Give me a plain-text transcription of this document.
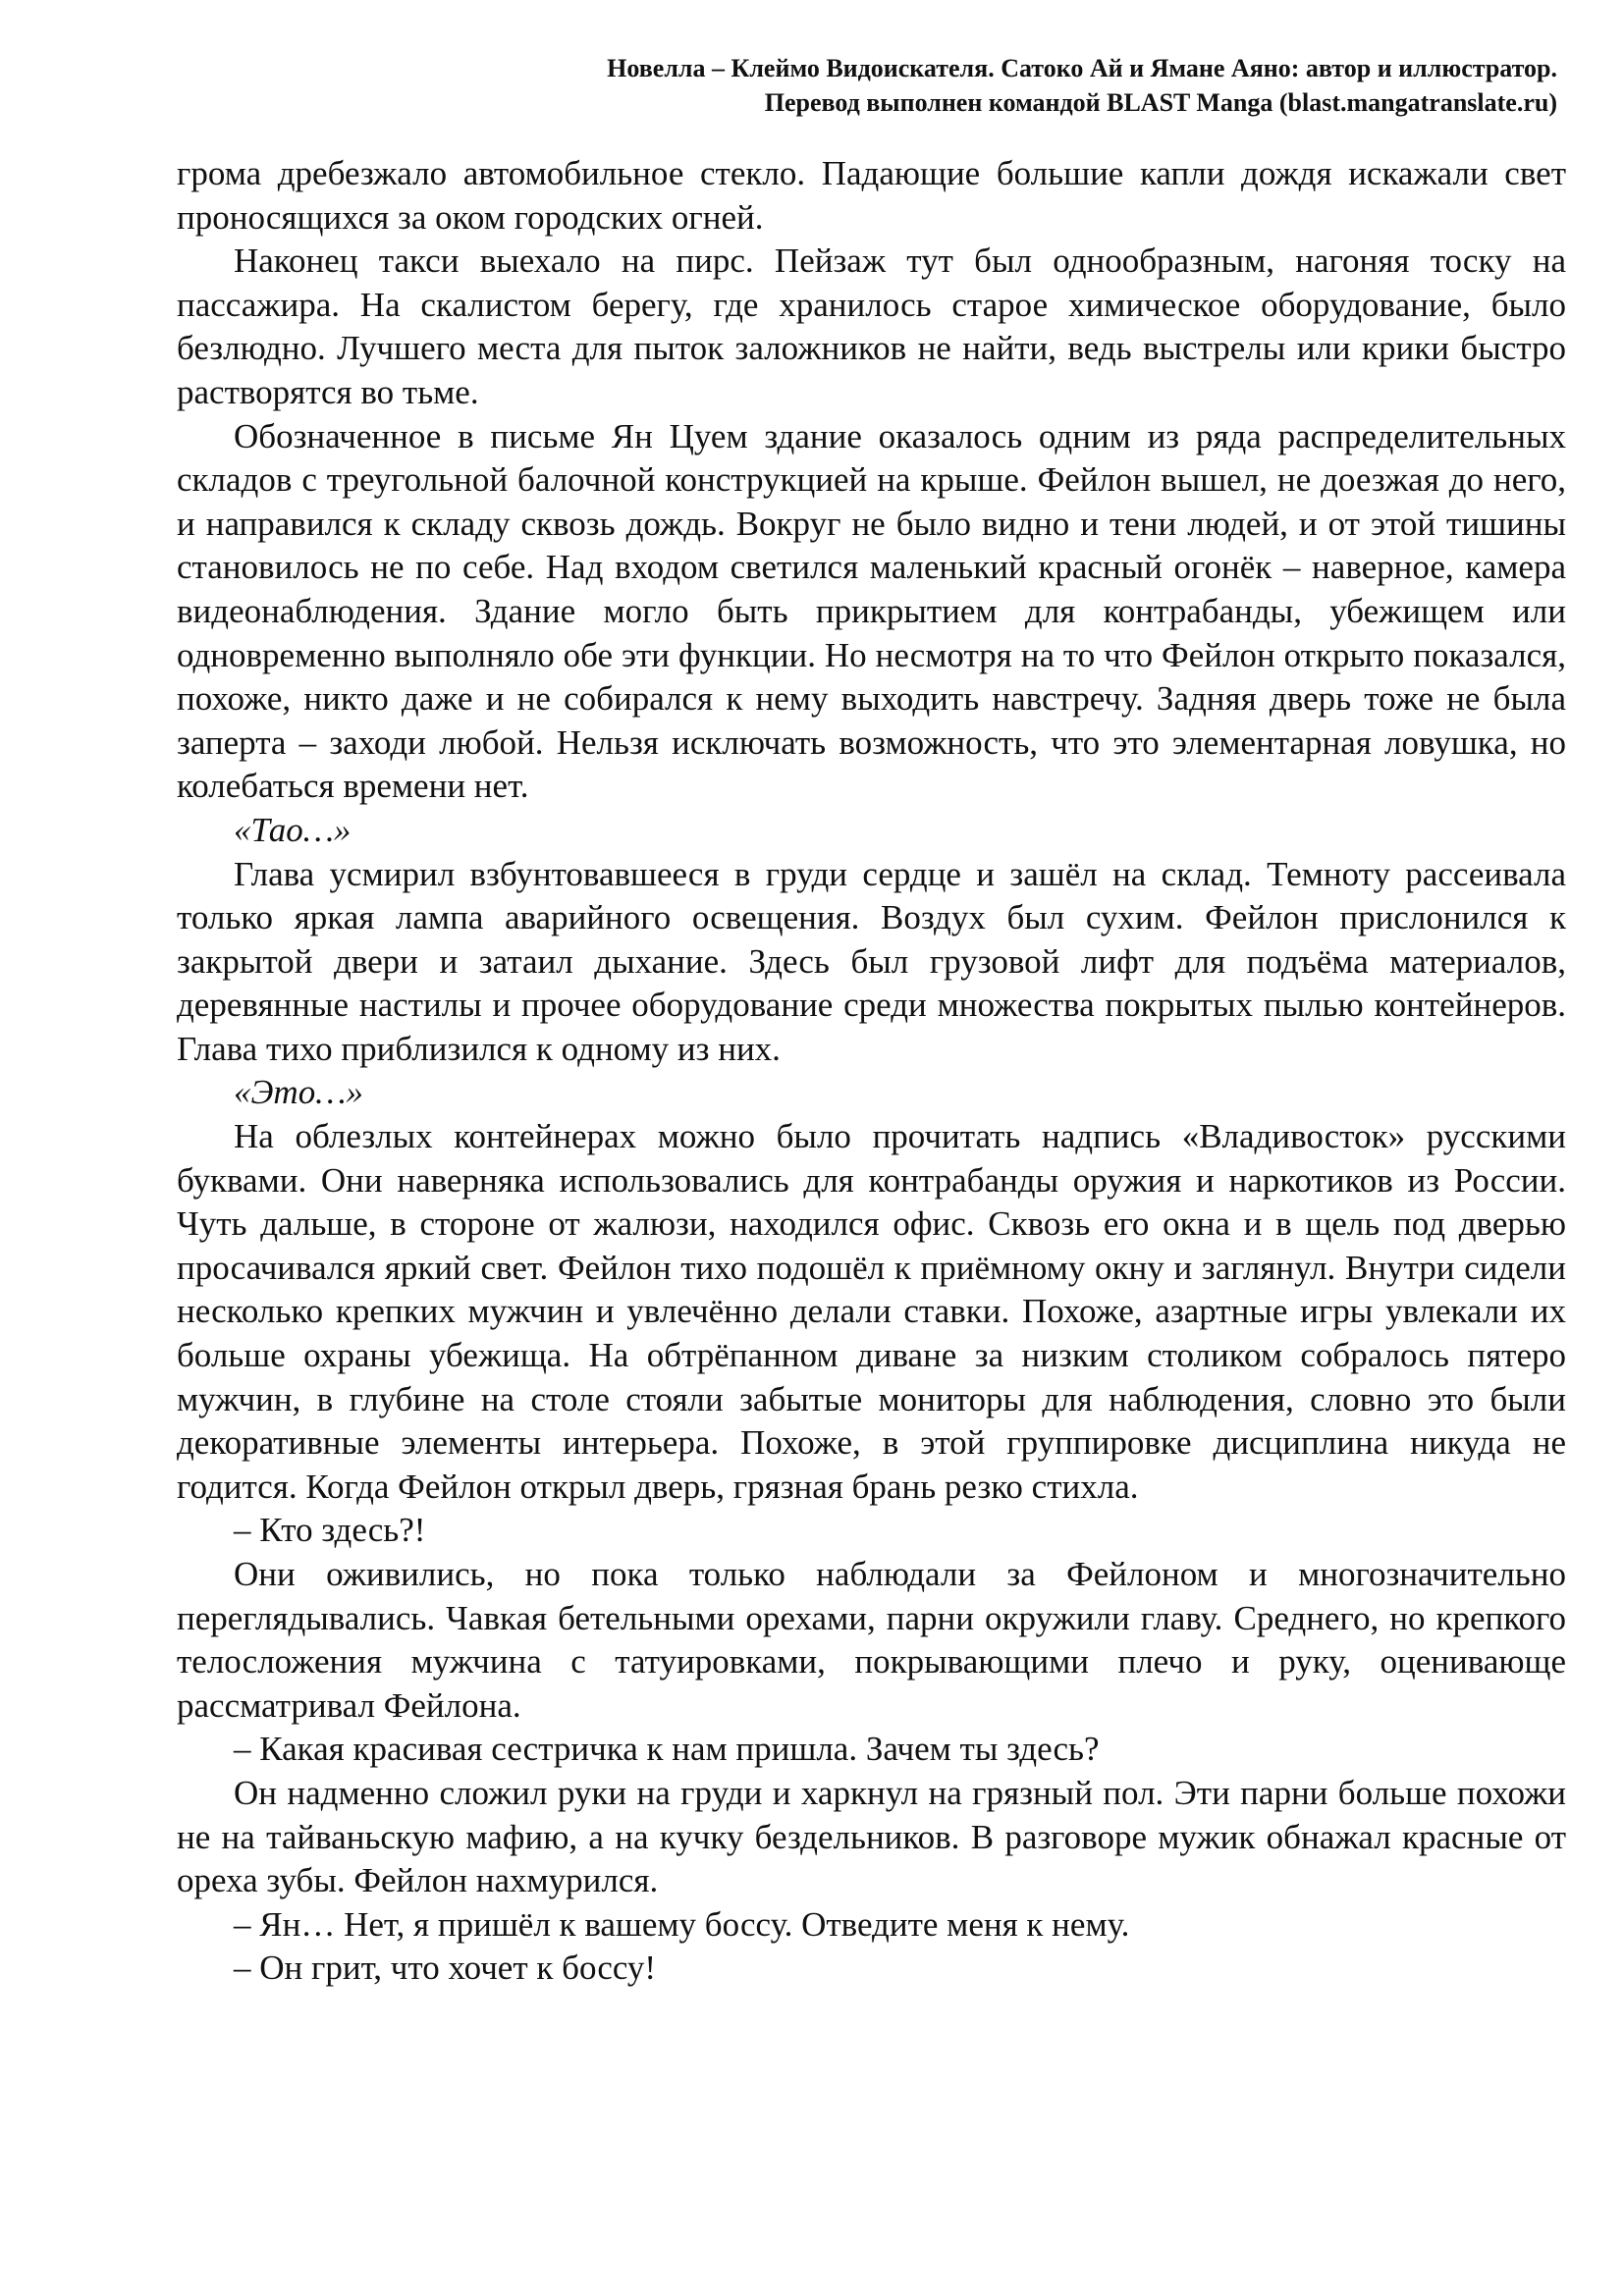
Новелла – Клеймо Видоискателя. Сатоко Ай и Ямане Аяно: автор и иллюстратор.
Перевод выполнен командой BLAST Manga (blast.mangatranslate.ru)

грома дребезжало автомобильное стекло. Падающие большие капли дождя искажали свет проносящихся за оком городских огней.

Наконец такси выехало на пирс. Пейзаж тут был однообразным, нагоняя тоску на пассажира. На скалистом берегу, где хранилось старое химическое оборудование, было безлюдно. Лучшего места для пыток заложников не найти, ведь выстрелы или крики быстро растворятся во тьме.

Обозначенное в письме Ян Цуем здание оказалось одним из ряда распределительных складов с треугольной балочной конструкцией на крыше. Фейлон вышел, не доезжая до него, и направился к складу сквозь дождь. Вокруг не было видно и тени людей, и от этой тишины становилось не по себе. Над входом светился маленький красный огонёк – наверное, камера видеонаблюдения. Здание могло быть прикрытием для контрабанды, убежищем или одновременно выполняло обе эти функции. Но несмотря на то что Фейлон открыто показался, похоже, никто даже и не собирался к нему выходить навстречу. Задняя дверь тоже не была заперта – заходи любой. Нельзя исключать возможность, что это элементарная ловушка, но колебаться времени нет.

«Тао…»

Глава усмирил взбунтовавшееся в груди сердце и зашёл на склад. Темноту рассеивала только яркая лампа аварийного освещения. Воздух был сухим. Фейлон прислонился к закрытой двери и затаил дыхание. Здесь был грузовой лифт для подъёма материалов, деревянные настилы и прочее оборудование среди множества покрытых пылью контейнеров. Глава тихо приблизился к одному из них.

«Это…»

На облезлых контейнерах можно было прочитать надпись «Владивосток» русскими буквами. Они наверняка использовались для контрабанды оружия и наркотиков из России. Чуть дальше, в стороне от жалюзи, находился офис. Сквозь его окна и в щель под дверью просачивался яркий свет. Фейлон тихо подошёл к приёмному окну и заглянул. Внутри сидели несколько крепких мужчин и увлечённо делали ставки. Похоже, азартные игры увлекали их больше охраны убежища. На обтрёпанном диване за низким столиком собралось пятеро мужчин, в глубине на столе стояли забытые мониторы для наблюдения, словно это были декоративные элементы интерьера. Похоже, в этой группировке дисциплина никуда не годится. Когда Фейлон открыл дверь, грязная брань резко стихла.

– Кто здесь?!

Они оживились, но пока только наблюдали за Фейлоном и многозначительно переглядывались. Чавкая бетельными орехами, парни окружили главу. Среднего, но крепкого телосложения мужчина с татуировками, покрывающими плечо и руку, оценивающе рассматривал Фейлона.

– Какая красивая сестричка к нам пришла. Зачем ты здесь?

Он надменно сложил руки на груди и харкнул на грязный пол. Эти парни больше похожи не на тайваньскую мафию, а на кучку бездельников. В разговоре мужик обнажал красные от ореха зубы. Фейлон нахмурился.

– Ян… Нет, я пришёл к вашему боссу. Отведите меня к нему.

– Он грит, что хочет к боссу!
